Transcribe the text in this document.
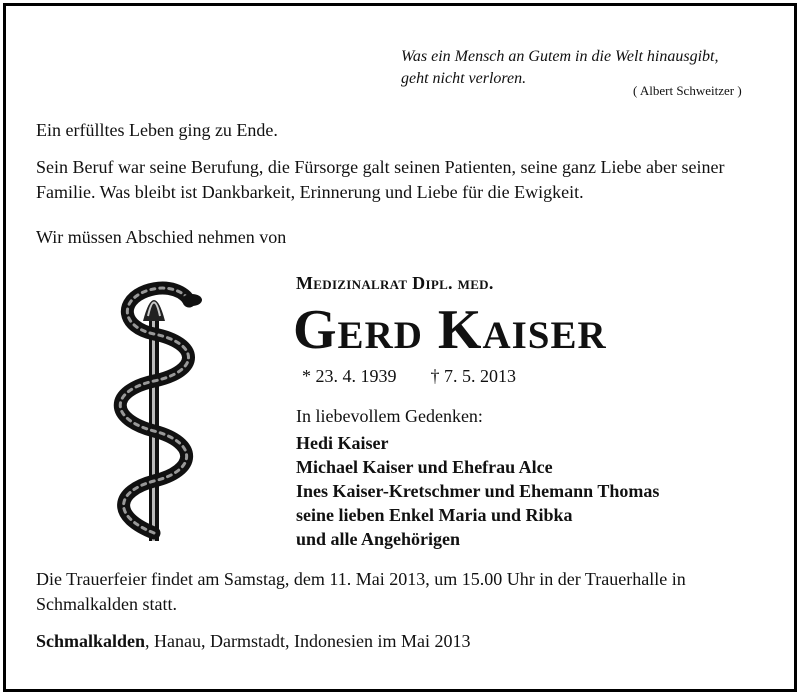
Was ein Mensch an Gutem in die Welt hinausgibt,
geht nicht verloren.
( Albert Schweitzer )
Ein erfülltes Leben ging zu Ende.
Sein Beruf war seine Berufung, die Fürsorge galt seinen Patienten, seine ganz Liebe aber seiner Familie. Was bleibt ist Dankbarkeit, Erinnerung und Liebe für die Ewigkeit.
Wir müssen Abschied nehmen von
Medizinalrat Dipl. med.
Gerd Kaiser
* 23. 4. 1939 † 7. 5. 2013
In liebevollem Gedenken:
Hedi Kaiser
Michael Kaiser und Ehefrau Alce
Ines Kaiser-Kretschmer und Ehemann Thomas
seine lieben Enkel Maria und Ribka
und alle Angehörigen
Die Trauerfeier findet am Samstag, dem 11. Mai 2013, um 15.00 Uhr in der Trauerhalle in Schmalkalden statt.
Schmalkalden, Hanau, Darmstadt, Indonesien im Mai 2013
